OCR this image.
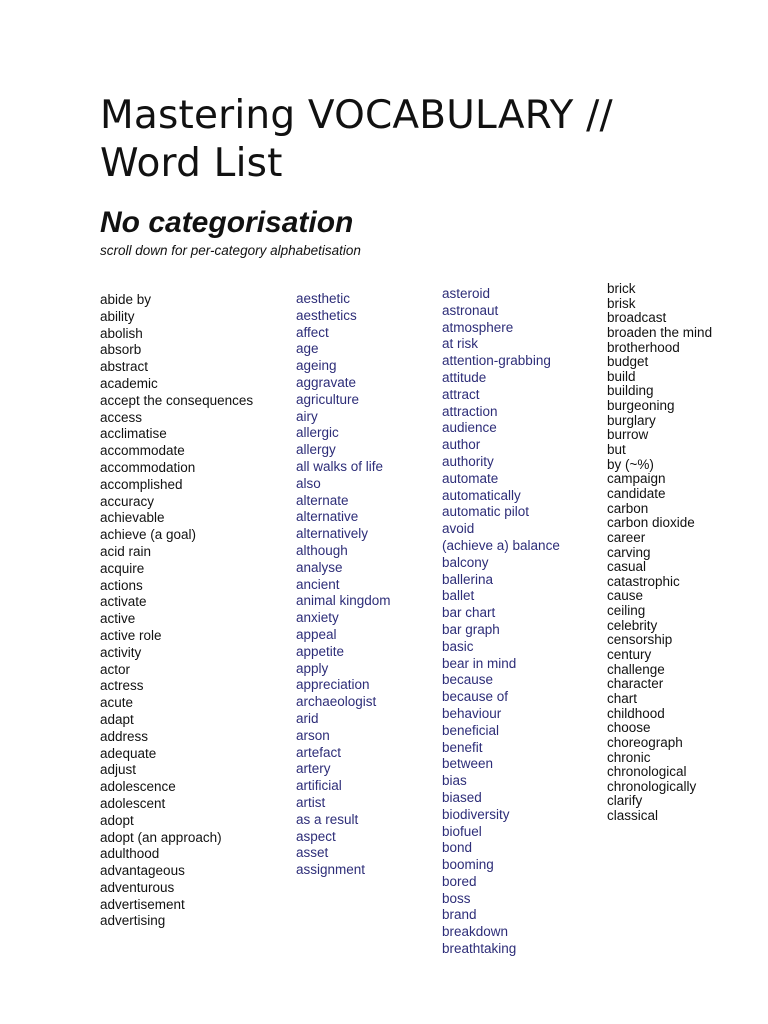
Mastering VOCABULARY //
Word List
No categorisation

scroll down for per-category alphabetisation

abide by
ability
abolish
absorb
abstract
academic
accept the consequences
access
acclimatise
accommodate
accommodation
accomplished
accuracy
achievable
achieve (a goal)
acid rain
acquire
actions
activate
active
active role
activity
actor
actress
acute
adapt
address
adequate
adjust
adolescence
adolescent
adopt
adopt (an approach)
adulthood
advantageous
adventurous
advertisement
advertising
aesthetic
aesthetics
affect
age
ageing
aggravate
agriculture
airy
allergic
allergy
all walks of life
also
alternate
alternative
alternatively
although
analyse
ancient
animal kingdom
anxiety
appeal
appetite
apply
appreciation
archaeologist
arid
arson
artefact
artery
artificial
artist
as a result
aspect
asset
assignment
asteroid
astronaut
atmosphere
at risk
attention-grabbing
attitude
attract
attraction
audience
author
authority
automate
automatically
automatic pilot
avoid
(achieve a) balance
balcony
ballerina
ballet
bar chart
bar graph
basic
bear in mind
because
because of
behaviour
beneficial
benefit
between
bias
biased
biodiversity
biofuel
bond
booming
bored
boss
brand
breakdown
breathtaking
brick
brisk
broadcast
broaden the mind
brotherhood
budget
build
building
burgeoning
burglary
burrow
but
by (~%)
campaign
candidate
carbon
carbon dioxide
career
carving
casual
catastrophic
cause
ceiling
celebrity
censorship
century
challenge
character
chart
childhood
choose
choreograph
chronic
chronological
chronologically
clarify
classical
